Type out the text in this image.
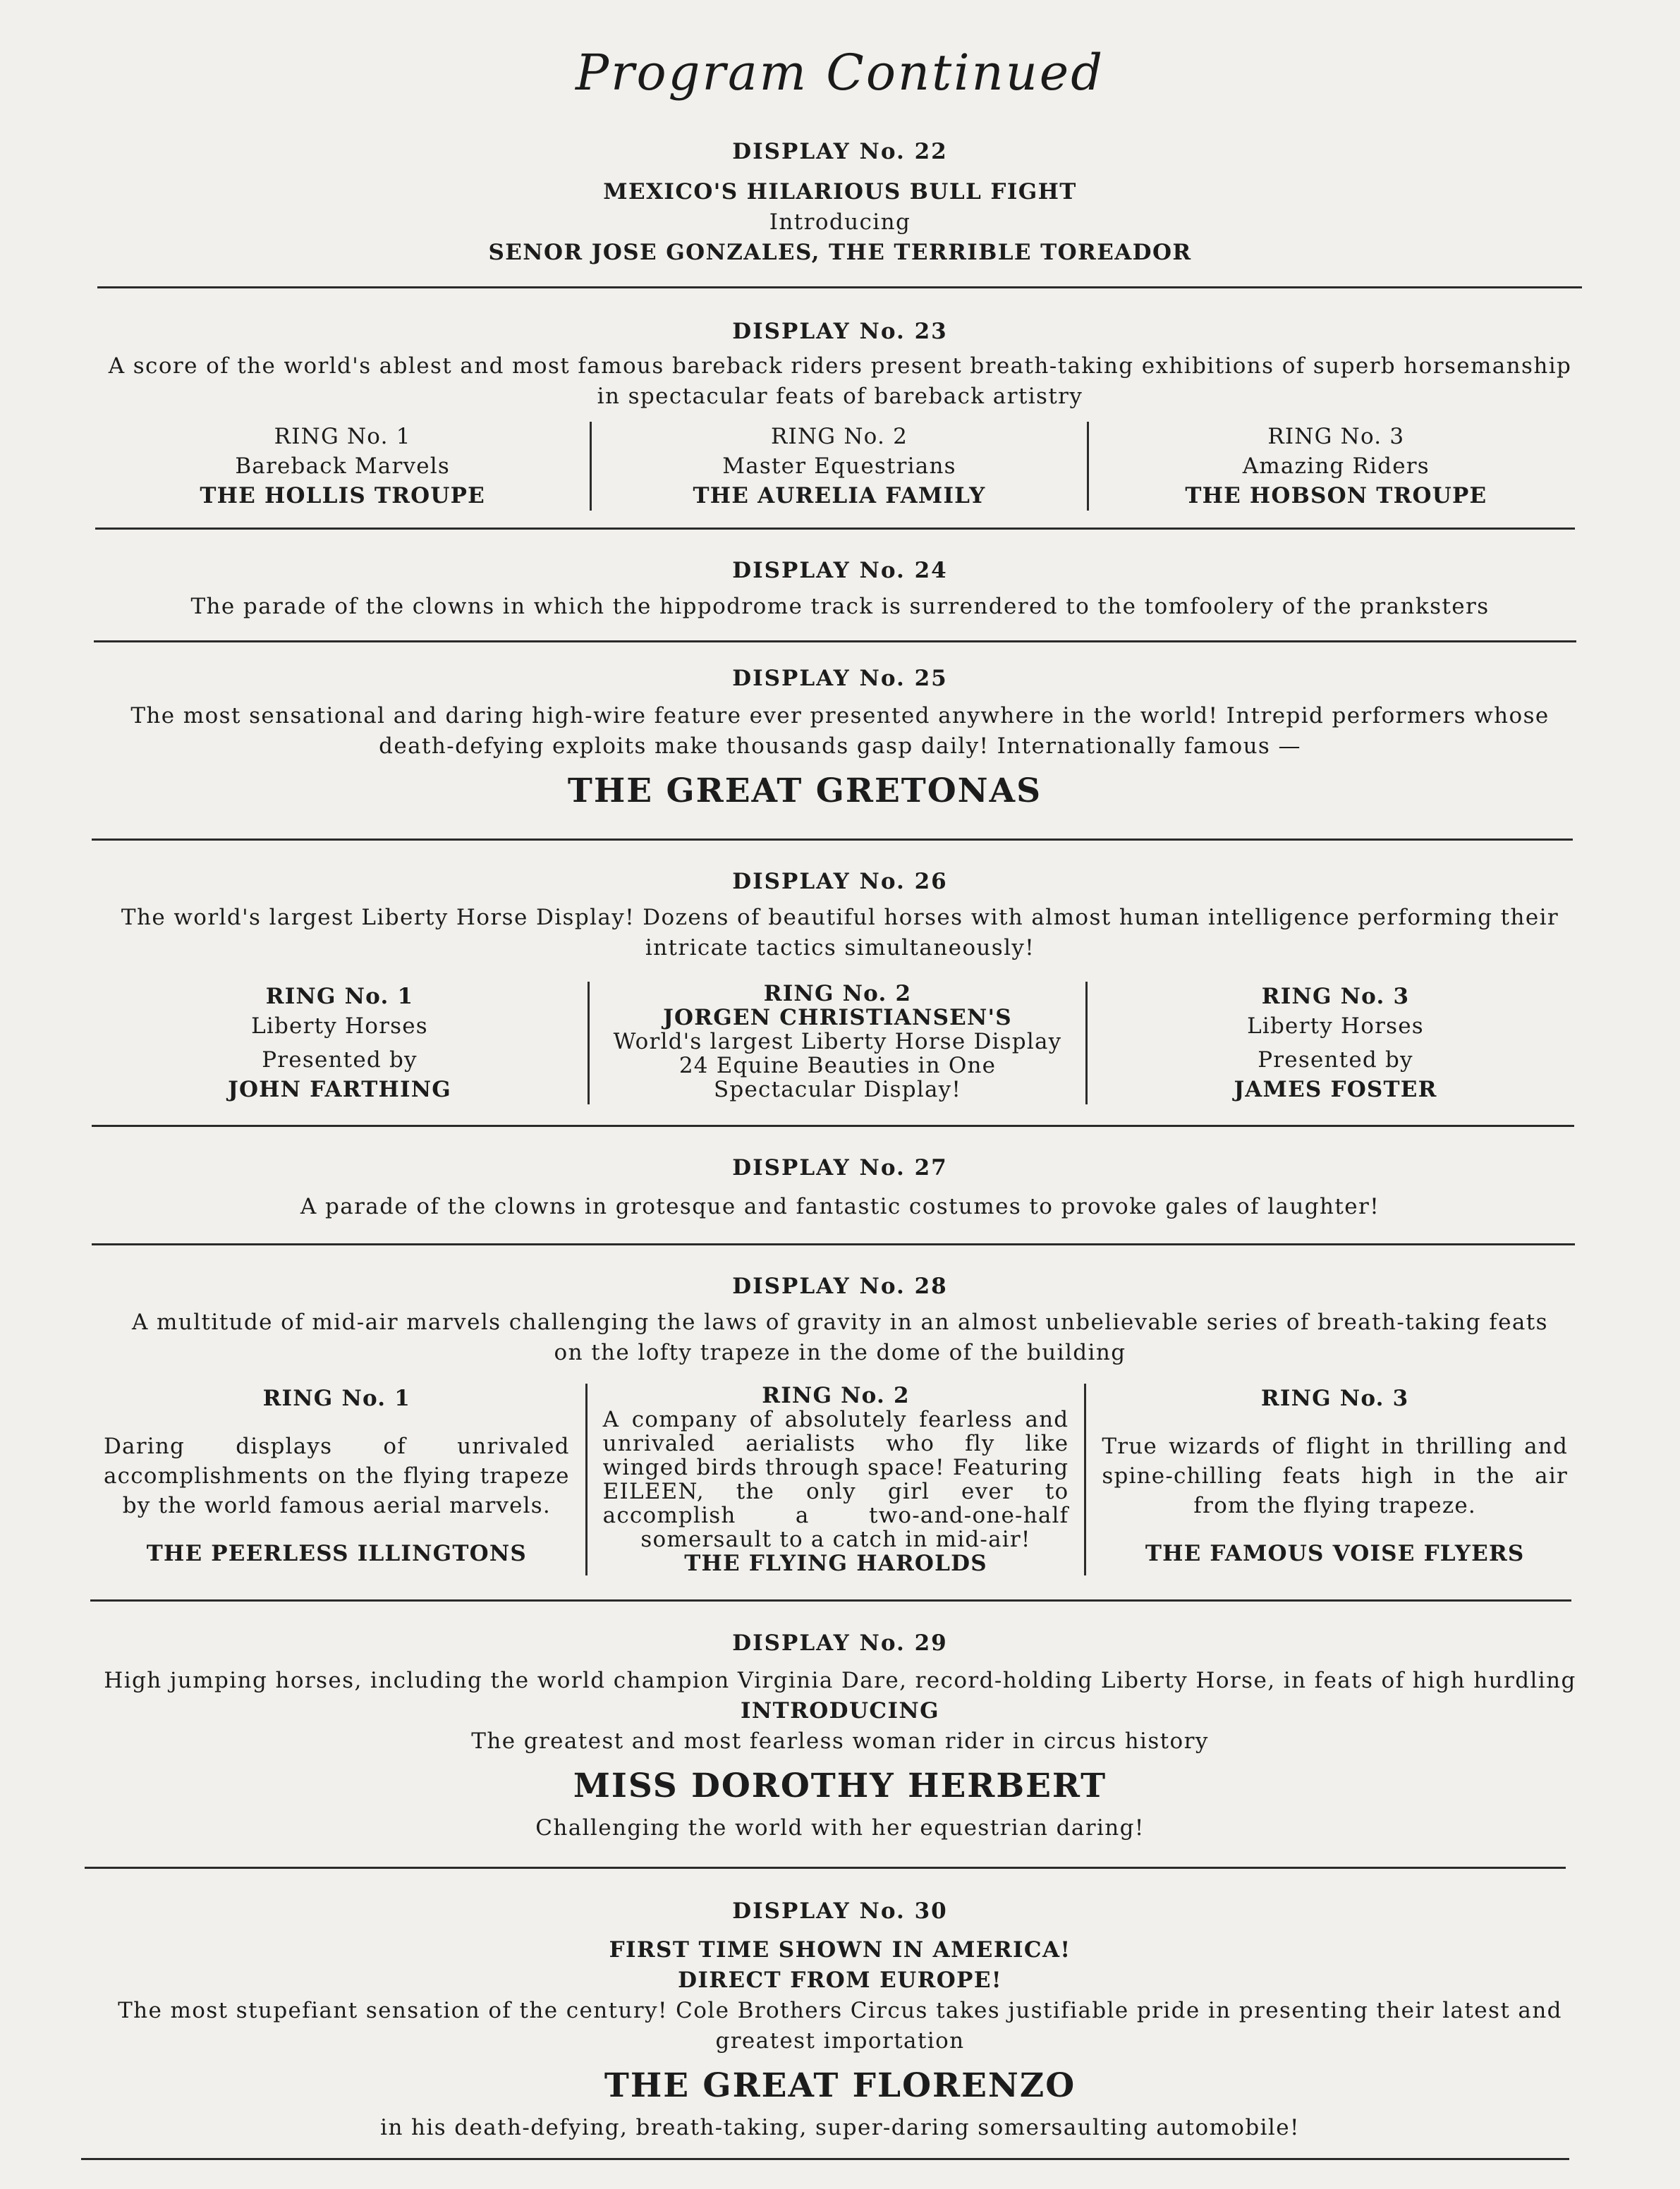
Program Continued
DISPLAY No. 22
MEXICO'S HILARIOUS BULL FIGHT
Introducing
SENOR JOSE GONZALES, THE TERRIBLE TOREADOR
DISPLAY No. 23
A score of the world's ablest and most famous bareback riders present breath-taking exhibitions of superb horsemanship
in spectacular feats of bareback artistry
RING No. 1
Bareback Marvels
THE HOLLIS TROUPE
RING No. 2
Master Equestrians
THE AURELIA FAMILY
RING No. 3
Amazing Riders
THE HOBSON TROUPE
DISPLAY No. 24
The parade of the clowns in which the hippodrome track is surrendered to the tomfoolery of the pranksters
DISPLAY No. 25
The most sensational and daring high-wire feature ever presented anywhere in the world! Intrepid performers whose
death-defying exploits make thousands gasp daily! Internationally famous —
THE GREAT GRETONAS
DISPLAY No. 26
The world's largest Liberty Horse Display! Dozens of beautiful horses with almost human intelligence performing their
intricate tactics simultaneously!
RING No. 1
Liberty Horses
Presented by
JOHN FARTHING
RING No. 2
JORGEN CHRISTIANSEN'S
World's largest Liberty Horse Display
24 Equine Beauties in One
Spectacular Display!
RING No. 3
Liberty Horses
Presented by
JAMES FOSTER
DISPLAY No. 27
A parade of the clowns in grotesque and fantastic costumes to provoke gales of laughter!
DISPLAY No. 28
A multitude of mid-air marvels challenging the laws of gravity in an almost unbelievable series of breath-taking feats
on the lofty trapeze in the dome of the building
RING No. 1
Daring displays of unrivaled accomplishments on the flying trapeze by the world famous aerial marvels.
THE PEERLESS ILLINGTONS
RING No. 2
A company of absolutely fearless and unrivaled aerialists who fly like winged birds through space! Featuring EILEEN, the only girl ever to accomplish a two-and-one-half somersault to a catch in mid-air!
THE FLYING HAROLDS
RING No. 3
True wizards of flight in thrilling and spine-chilling feats high in the air from the flying trapeze.
THE FAMOUS VOISE FLYERS
DISPLAY No. 29
High jumping horses, including the world champion Virginia Dare, record-holding Liberty Horse, in feats of high hurdling
INTRODUCING
The greatest and most fearless woman rider in circus history
MISS DOROTHY HERBERT
Challenging the world with her equestrian daring!
DISPLAY No. 30
FIRST TIME SHOWN IN AMERICA!
DIRECT FROM EUROPE!
The most stupefiant sensation of the century! Cole Brothers Circus takes justifiable pride in presenting their latest and
greatest importation
THE GREAT FLORENZO
in his death-defying, breath-taking, super-daring somersaulting automobile!
